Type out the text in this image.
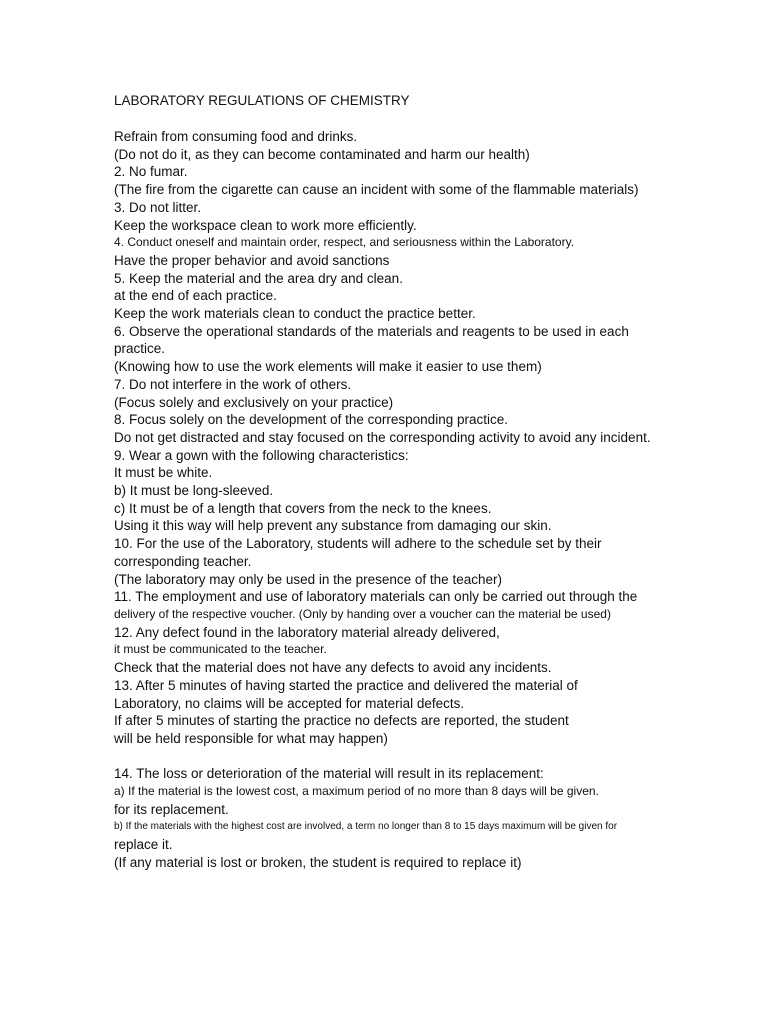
LABORATORY REGULATIONS OF CHEMISTRY
Refrain from consuming food and drinks.
(Do not do it, as they can become contaminated and harm our health)
2. No fumar.
(The fire from the cigarette can cause an incident with some of the flammable materials)
3. Do not litter.
Keep the workspace clean to work more efficiently.
4. Conduct oneself and maintain order, respect, and seriousness within the Laboratory.
Have the proper behavior and avoid sanctions
5. Keep the material and the area dry and clean.
at the end of each practice.
Keep the work materials clean to conduct the practice better.
6. Observe the operational standards of the materials and reagents to be used in each
practice.
(Knowing how to use the work elements will make it easier to use them)
7. Do not interfere in the work of others.
(Focus solely and exclusively on your practice)
8. Focus solely on the development of the corresponding practice.
Do not get distracted and stay focused on the corresponding activity to avoid any incident.
9. Wear a gown with the following characteristics:
It must be white.
b) It must be long-sleeved.
c) It must be of a length that covers from the neck to the knees.
Using it this way will help prevent any substance from damaging our skin.
10. For the use of the Laboratory, students will adhere to the schedule set by their
corresponding teacher.
(The laboratory may only be used in the presence of the teacher)
11. The employment and use of laboratory materials can only be carried out through the
delivery of the respective voucher. (Only by handing over a voucher can the material be used)
12. Any defect found in the laboratory material already delivered,
it must be communicated to the teacher.
Check that the material does not have any defects to avoid any incidents.
13. After 5 minutes of having started the practice and delivered the material of
Laboratory, no claims will be accepted for material defects.
If after 5 minutes of starting the practice no defects are reported, the student
will be held responsible for what may happen)
14. The loss or deterioration of the material will result in its replacement:
a) If the material is the lowest cost, a maximum period of no more than 8 days will be given.
for its replacement.
b) If the materials with the highest cost are involved, a term no longer than 8 to 15 days maximum will be given for
replace it.
(If any material is lost or broken, the student is required to replace it)
